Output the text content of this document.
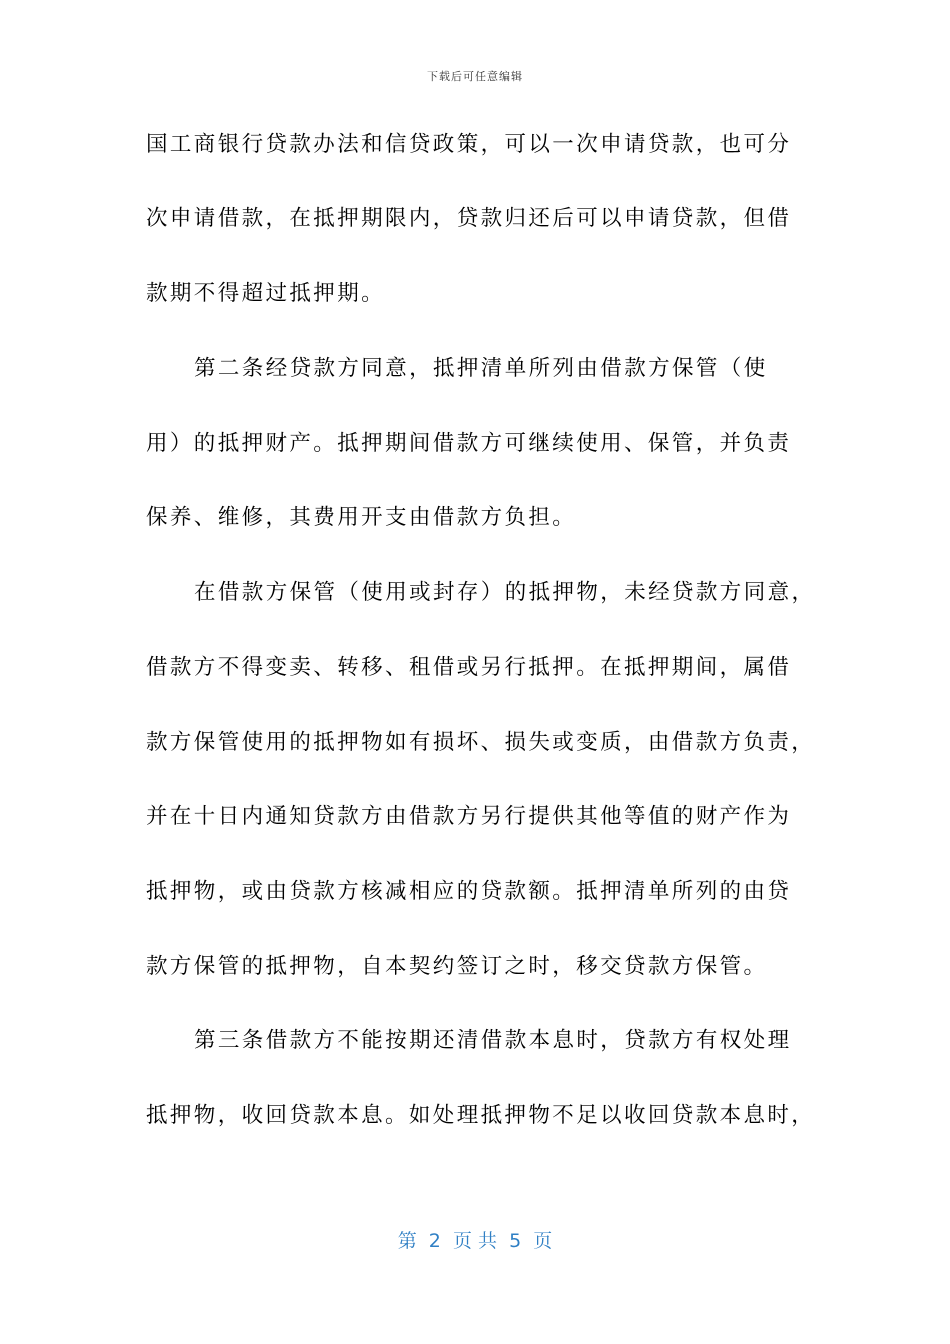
下载后可任意编辑
国工商银行贷款办法和信贷政策，可以一次申请贷款，也可分
次申请借款，在抵押期限内，贷款归还后可以申请贷款，但借
款期不得超过抵押期。
第二条经贷款方同意，抵押清单所列由借款方保管（使
用）的抵押财产。抵押期间借款方可继续使用、保管，并负责
保养、维修，其费用开支由借款方负担。
在借款方保管（使用或封存）的抵押物，未经贷款方同意，
借款方不得变卖、转移、租借或另行抵押。在抵押期间，属借
款方保管使用的抵押物如有损坏、损失或变质，由借款方负责，
并在十日内通知贷款方由借款方另行提供其他等值的财产作为
抵押物，或由贷款方核减相应的贷款额。抵押清单所列的由贷
款方保管的抵押物，自本契约签订之时，移交贷款方保管。
第三条借款方不能按期还清借款本息时，贷款方有权处理
抵押物，收回贷款本息。如处理抵押物不足以收回贷款本息时，
第  2  页 共  5  页
